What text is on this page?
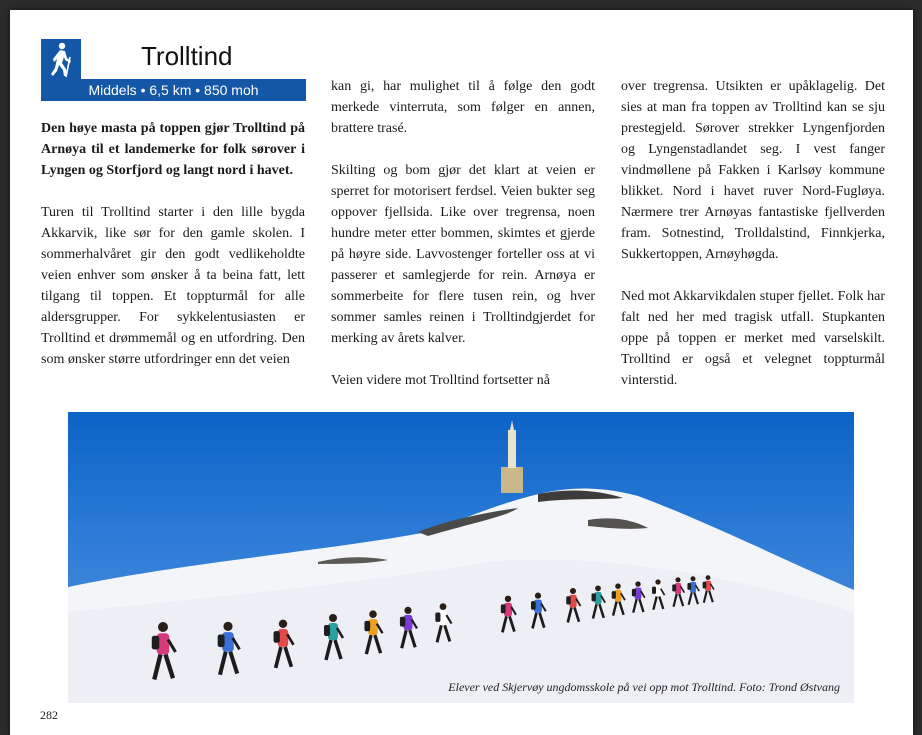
Trolltind
Middels • 6,5 km • 850 moh

Den høye masta på toppen gjør Trolltind på Arnøya til et landemerke for folk sørover i Lyngen og Storfjord og langt nord i havet.

Turen til Trolltind starter i den lille bygda Akkarvik, like sør for den gamle skolen. I sommerhalvåret gir den godt vedlikeholdte veien enhver som ønsker å ta beina fatt, lett tilgang til toppen. Et toppturmål for alle aldersgrupper. For sykkelentusiasten er Trolltind et drømmemål og en utfordring. Den som ønsker større utfordringer enn det veien

kan gi, har mulighet til å følge den godt merkede vinterruta, som følger en annen, brattere trasé.

Skilting og bom gjør det klart at veien er sperret for motorisert ferdsel. Veien bukter seg oppover fjellsida. Like over tregrensa, noen hundre meter etter bommen, skimtes et gjerde på høyre side. Lavvostenger forteller oss at vi passerer et samlegjerde for rein. Arnøya er sommerbeite for flere tusen rein, og hver sommer samles reinen i Trolltindgjerdet for merking av årets kalver.

Veien videre mot Trolltind fortsetter nå

over tregrensa. Utsikten er upåklagelig. Det sies at man fra toppen av Trolltind kan se sju prestegjeld. Sørover strekker Lyngenfjorden og Lyngenstadlandet seg. I vest fanger vindmøllene på Fakken i Karlsøy kommune blikket. Nord i havet ruver Nord-Fugløya. Nærmere trer Arnøyas fantastiske fjellverden fram. Sotnestind, Trolldalstind, Finnkjerka, Sukkertoppen, Arnøyhøgda.

Ned mot Akkarvikdalen stuper fjellet. Folk har falt ned her med tragisk utfall. Stupkanten oppe på toppen er merket med varselskilt. Trolltind er også et velegnet toppturmål vinterstid.

Elever ved Skjervøy ungdomsskole på vei opp mot Trolltind. Foto: Trond Østvang
282
